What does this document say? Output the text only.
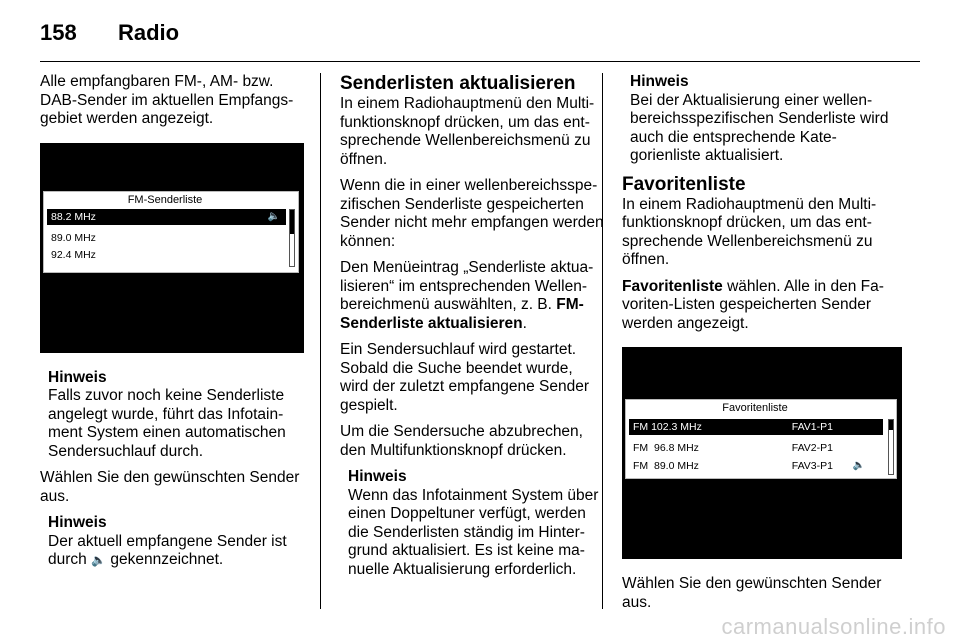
158 Radio

Alle empfangbaren FM-, AM- bzw. DAB-Sender im aktuellen Empfangsgebiet werden angezeigt.

FM-Senderliste
88.2 MHz	🔈
89.0 MHz
92.4 MHz
Hinweis
Falls zuvor noch keine Senderliste angelegt wurde, führt das Infotainment System einen automatischen Sendersuchlauf durch.

Wählen Sie den gewünschten Sender aus.

Hinweis
Der aktuell empfangene Sender ist durch 🔈 gekennzeichnet.
Senderlisten aktualisieren

In einem Radiohauptmenü den Multifunktionsknopf drücken, um das entsprechende Wellenbereichsmenü zu öffnen.

Wenn die in einer wellenbereichsspezifischen Senderliste gespeicherten Sender nicht mehr empfangen werden können:

Den Menüeintrag „Senderliste aktualisieren“ im entsprechenden Wellenbereichmenü auswählten, z. B. FM-Senderliste aktualisieren.

Ein Sendersuchlauf wird gestartet. Sobald die Suche beendet wurde, wird der zuletzt empfangene Sender gespielt.

Um die Sendersuche abzubrechen, den Multifunktionsknopf drücken.

Hinweis
Wenn das Infotainment System über einen Doppeltuner verfügt, werden die Senderlisten ständig im Hintergrund aktualisiert. Es ist keine manuelle Aktualisierung erforderlich.
Hinweis
Bei der Aktualisierung einer wellenbereichsspezifischen Senderliste wird auch die entsprechende Kategorienliste aktualisiert.
Favoritenliste

In einem Radiohauptmenü den Multifunktionsknopf drücken, um das entsprechende Wellenbereichsmenü zu öffnen.

Favoritenliste wählen. Alle in den Favoriten-Listen gespeicherten Sender werden angezeigt.

Favoritenliste
FM 102.3 MHz	FAV1-P1
FM  96.8 MHz	FAV2-P1
FM  89.0 MHz	FAV3-P1 🔈

Wählen Sie den gewünschten Sender aus.

carmanualsonline.info
